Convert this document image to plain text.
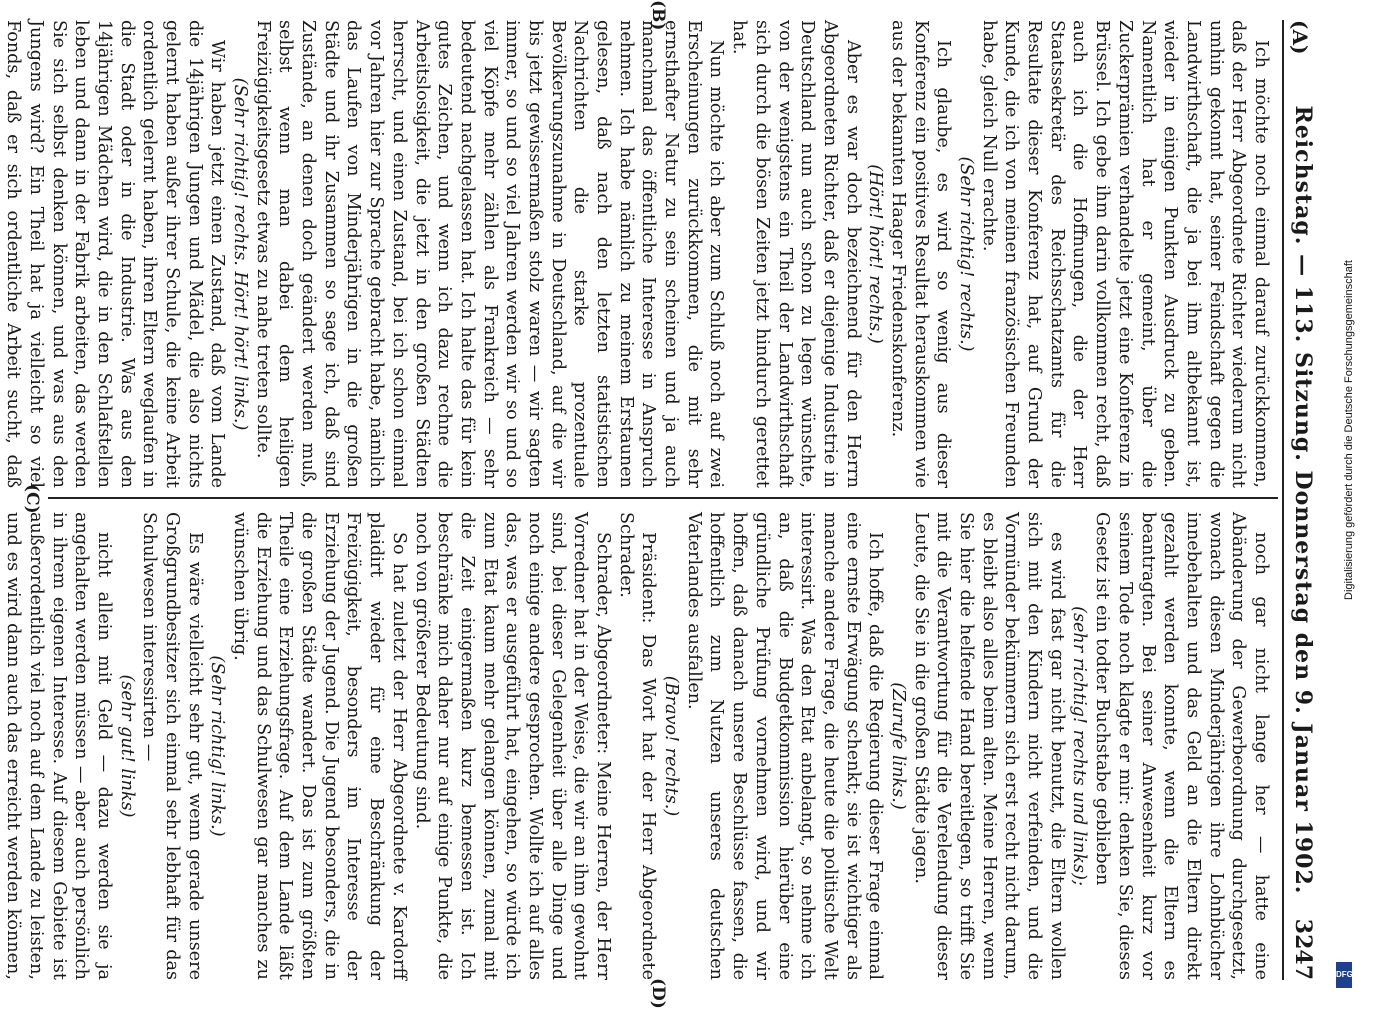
(A)
Reichstag. — 113. Sitzung. Donnerstag den 9. Januar 1902.
3247

Ich möchte noch einmal darauf zurückkommen, daß der Herr Abgeordnete Richter wiederum nicht umhin gekonnt hat, seiner Feindschaft gegen die Landwirthschaft, die ja bei ihm altbekannt ist, wieder in einigen Punkten Ausdruck zu geben. Namentlich hat er gemeint, über die Zuckerprämien verhandelte jetzt eine Konferenz in Brüssel. Ich gebe ihm darin vollkommen recht, daß auch ich die Hoffnungen, die der Herr Staatssekretär des Reichsschatzamts für die Resultate dieser Konferenz hat, auf Grund der Kunde, die ich von meinen französischen Freunden habe, gleich Null erachte.

(Sehr richtig! rechts.)

Ich glaube, es wird so wenig aus dieser Konferenz ein positives Resultat herauskommen wie aus der bekannten Haager Friedenskonferenz.

(Hört! hört! rechts.)

Aber es war doch bezeichnend für den Herrn Abgeordneten Richter, daß er diejenige Industrie in Deutschland nun auch schon zu legen wünschte, von der wenigstens ein Theil der Landwirthschaft sich durch die bösen Zeiten jetzt hindurch gerettet hat.

Nun möchte ich aber zum Schluß noch auf zwei Erscheinungen zurückkommen, die mit sehr ernsthafter Natur zu sein scheinen und ja auch manchmal das öffentliche Interesse in Anspruch nehmen. Ich habe nämlich zu meinem Erstaunen gelesen, daß nach den letzten statistischen Nachrichten die starke prozentuale Bevölkerungszunahme in Deutschland, auf die wir bis jetzt gewissermaßen stolz waren — wir sagten immer, so und so viel Jahren werden wir so und so viel Köpfe mehr zählen als Frankreich — sehr bedeutend nachgelassen hat. Ich halte das für kein gutes Zeichen, und wenn ich dazu rechne die Arbeitslosigkeit, die jetzt in den großen Städten herrscht, und einen Zustand, bei ich schon einmal vor Jahren hier zur Sprache gebracht habe, nämlich das Laufen von Minderjährigen in die großen Städte und ihr Zusammen so sage ich, daß sind Zustände, an denen doch geändert werden muß, selbst wenn man dabei dem heiligen Freizügigkeitsgesetz etwas zu nahe treten sollte.

(Sehr richtig! rechts. Hört! hört! links.)

Wir haben jetzt einen Zustand, daß vom Lande die 14jährigen Jungen und Mädel, die also nichts gelernt haben außer ihrer Schule, die keine Arbeit ordentlich gelernt haben, ihren Eltern weglaufen in die Stadt oder in die Industrie. Was aus den 14jährigen Mädchen wird, die in den Schlafstellen leben und dann in der Fabrik arbeiten, das werden Sie sich selbst denken können, und was aus den Jungens wird? Ein Theil hat ja vielleicht so viel Fonds, daß er sich ordentliche Arbeit sucht, daß

noch gar nicht lange her — hatte eine Abänderung der Gewerbeordnung durchgesetzt, wonach diesen Minderjährigen ihre Lohnbücher innebehalten und das Geld an die Eltern direkt gezahlt werden konnte, wenn die Eltern es beantragten. Bei seiner Anwesenheit kurz vor seinem Tode noch klagte er mir: denken Sie, dieses Gesetz ist ein todter Buchstabe geblieben

(sehr richtig! rechts und links);

es wird fast gar nicht benutzt, die Eltern wollen sich mit den Kindern nicht verfeinden, und die Vormünder bekümmern sich erst recht nicht darum, es bleibt also alles beim alten. Meine Herren, wenn Sie hier die helfende Hand bereitlegen, so trifft Sie mit die Verantwortung für die Verelendung dieser Leute, die Sie in die großen Städte jagen.

(Zurufe links.)

Ich hoffe, daß die Regierung dieser Frage einmal eine ernste Erwägung schenkt; sie ist wichtiger als manche andere Frage, die heute die politische Welt interessirt. Was den Etat anbelangt, so nehme ich an, daß die Budgetkommission hierüber eine gründliche Prüfung vornehmen wird, und wir hoffen, daß danach unsere Beschlüsse fassen, die hoffentlich zum Nutzen unseres deutschen Vaterlandes ausfallen.

(Bravo! rechts.)

Präsident: Das Wort hat der Herr Abgeordnete Schrader.

Schrader, Abgeordneter: Meine Herren, der Herr Vorredner hat in der Weise, die wir an ihm gewohnt sind, bei dieser Gelegenheit über alle Dinge und noch einige andere gesprochen. Wollte ich auf alles das, was er ausgeführt hat, eingehen, so würde ich zum Etat kaum mehr gelangen können, zumal mit die Zeit einigermaßen kurz bemessen ist. Ich beschränke mich daher nur auf einige Punkte, die noch von größerer Bedeutung sind.

So hat zuletzt der Herr Abgeordnete v. Kardorff plaidirt wieder für eine Beschränkung der Freizügigkeit, besonders im Interesse der Erziehung der Jugend. Die Jugend besonders, die in die großen Städte wandert. Das ist zum größten Theile eine Erziehungsfrage. Auf dem Lande läßt die Erziehung und das Schulwesen gar manches zu wünschen übrig.

(Sehr richtig! links.)

Es wäre vielleicht sehr gut, wenn gerade unsere Großgrundbesitzer sich einmal sehr lebhaft für das Schulwesen interessirten —

(sehr gut! links)

nicht allein mit Geld — dazu werden sie ja angehalten werden müssen — aber auch persönlich in ihrem eigenen Interesse. Auf diesem Gebiete ist außerordentlich viel noch auf dem Lande zu leisten, und es wird dann auch das erreicht werden können,

(C)
(B)
(D)
Digitalisierung gefördert durch die Deutsche Forschungsgemeinschaft
DFG
